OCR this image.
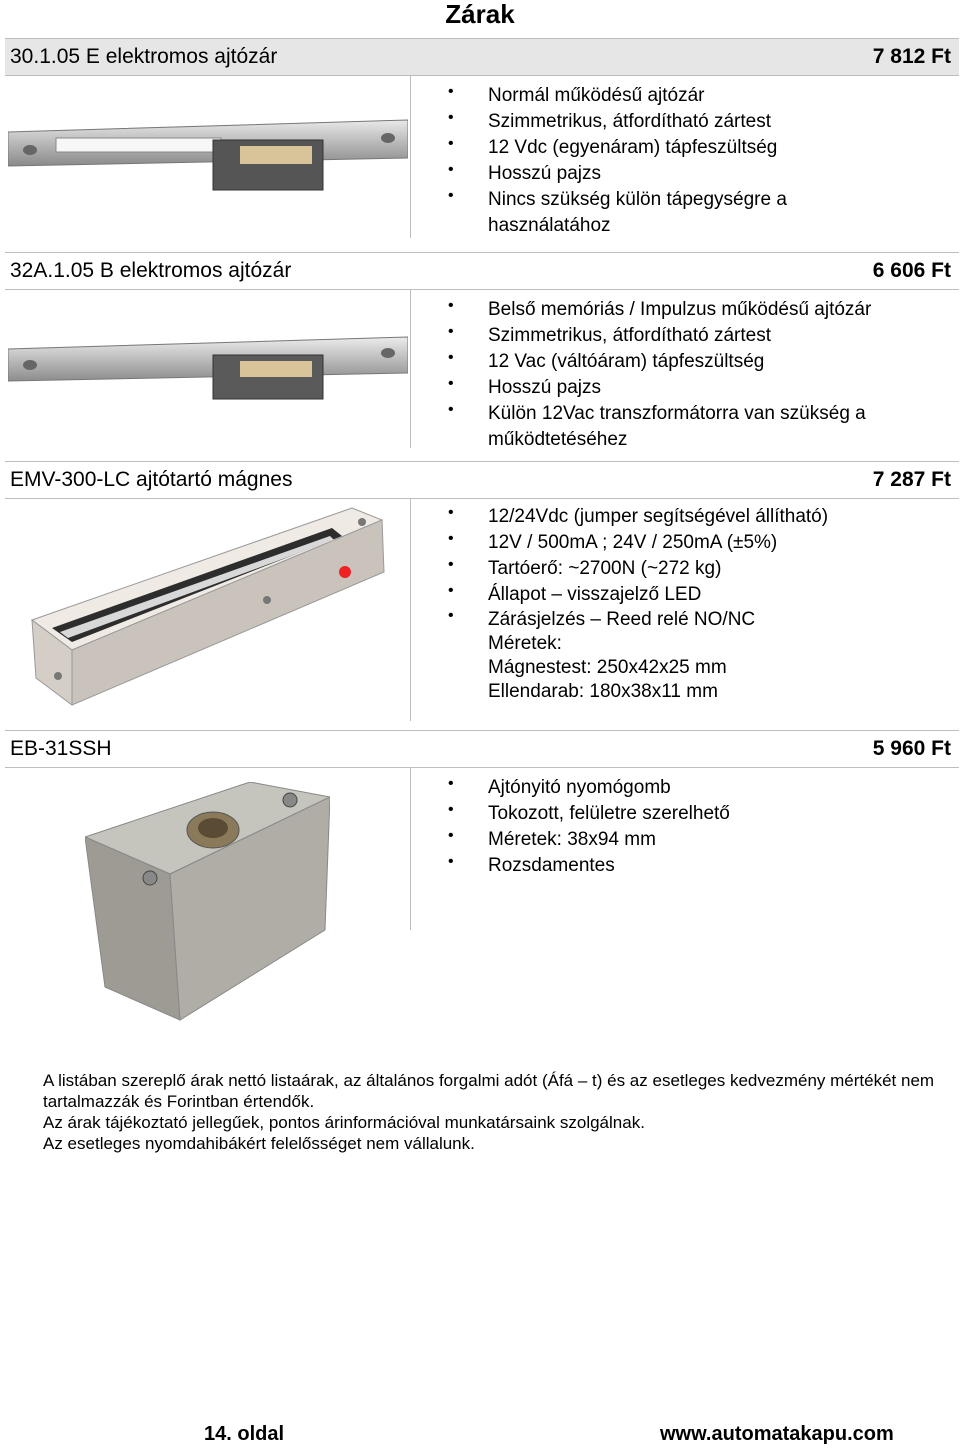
Zárak
30.1.05 E elektromos ajtózár	7 812 Ft
• Normál működésű ajtózár
• Szimmetrikus, átfordítható zártest
• 12 Vdc (egyenáram) tápfeszültség
• Hosszú pajzs
• Nincs szükség külön tápegységre a
használatához
32A.1.05 B elektromos ajtózár	6 606 Ft
• Belső memóriás / Impulzus működésű ajtózár
• Szimmetrikus, átfordítható zártest
• 12 Vac (váltóáram) tápfeszültség
• Hosszú pajzs
• Külön 12Vac transzformátorra van szükség a
működtetéséhez
EMV-300-LC ajtótartó mágnes	7 287 Ft
• 12/24Vdc (jumper segítségével állítható)
• 12V / 500mA ; 24V / 250mA (±5%)
• Tartóerő: ~2700N (~272 kg)
• Állapot – visszajelző LED
• Zárásjelzés – Reed relé NO/NC
Méretek:
Mágnestest: 250x42x25 mm
Ellendarab: 180x38x11 mm
EB-31SSH	5 960 Ft
• Ajtónyitó nyomógomb
• Tokozott, felületre szerelhető
• Méretek: 38x94 mm
• Rozsdamentes

A listában szereplő árak nettó listaárak, az általános forgalmi adót (Áfá – t) és az esetleges kedvezmény mértékét nem tartalmazzák és Forintban értendők.

Az árak tájékoztató jellegűek, pontos árinformációval munkatársaink szolgálnak.

Az esetleges nyomdahibákért felelősséget nem vállalunk.

14. oldal	www.automatakapu.com
